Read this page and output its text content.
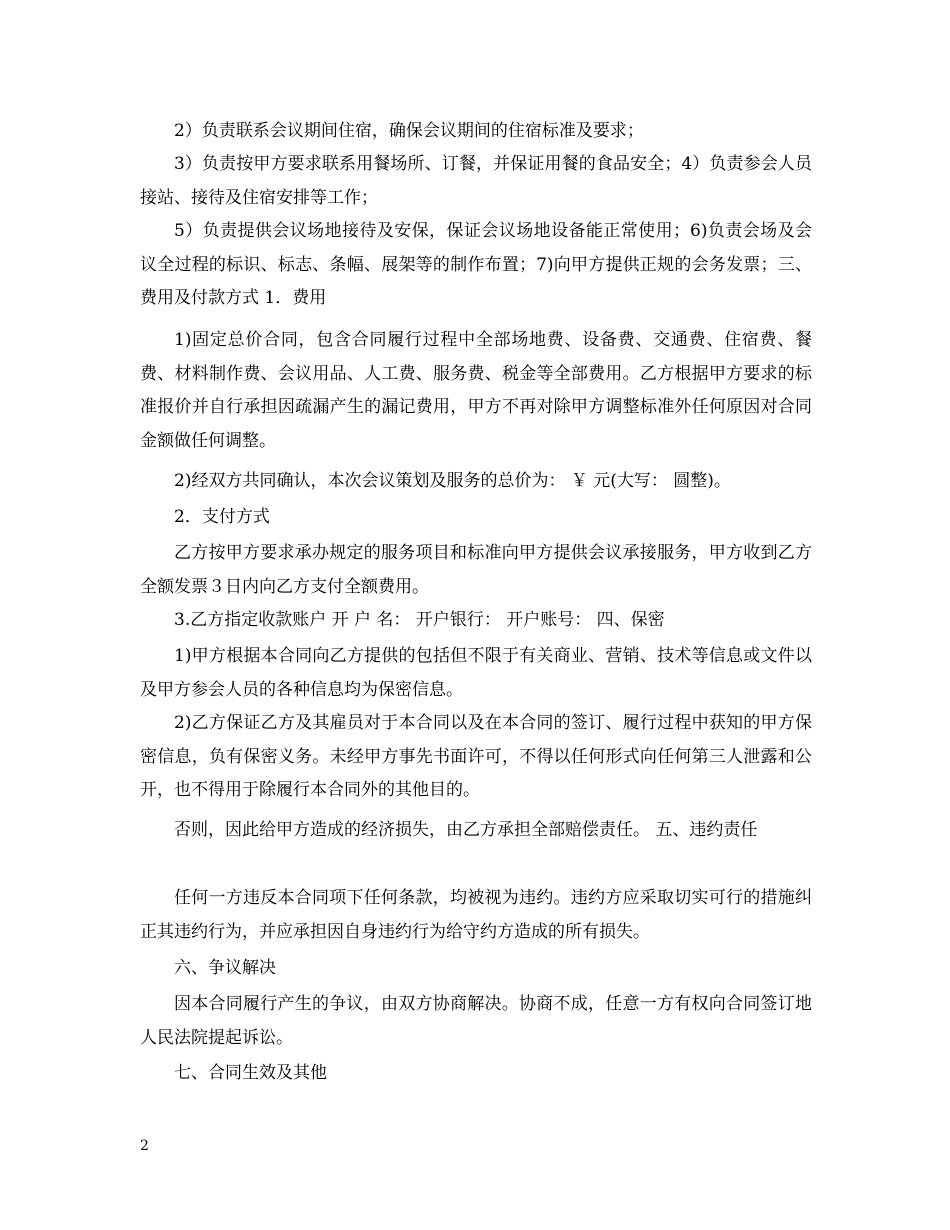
2）负责联系会议期间住宿，确保会议期间的住宿标准及要求；

3）负责按甲方要求联系用餐场所、订餐，并保证用餐的食品安全；4）负责参会人员接站、接待及住宿安排等工作；

5）负责提供会议场地接待及安保，保证会议场地设备能正常使用；6)负责会场及会议全过程的标识、标志、条幅、展架等的制作布置；7)向甲方提供正规的会务发票；三、费用及付款方式 1．费用

1)固定总价合同，包含合同履行过程中全部场地费、设备费、交通费、住宿费、餐费、材料制作费、会议用品、人工费、服务费、税金等全部费用。乙方根据甲方要求的标准报价并自行承担因疏漏产生的漏记费用，甲方不再对除甲方调整标准外任何原因对合同金额做任何调整。

2)经双方共同确认，本次会议策划及服务的总价为： ￥ 元(大写： 圆整)。

2．支付方式

乙方按甲方要求承办规定的服务项目和标准向甲方提供会议承接服务，甲方收到乙方全额发票３日内向乙方支付全额费用。

3.乙方指定收款账户 开 户 名： 开户银行： 开户账号： 四、保密

1)甲方根据本合同向乙方提供的包括但不限于有关商业、营销、技术等信息或文件以及甲方参会人员的各种信息均为保密信息。

2)乙方保证乙方及其雇员对于本合同以及在本合同的签订、履行过程中获知的甲方保密信息，负有保密义务。未经甲方事先书面许可，不得以任何形式向任何第三人泄露和公开，也不得用于除履行本合同外的其他目的。

否则，因此给甲方造成的经济损失，由乙方承担全部赔偿责任。 五、违约责任

任何一方违反本合同项下任何条款，均被视为违约。违约方应采取切实可行的措施纠正其违约行为，并应承担因自身违约行为给守约方造成的所有损失。

六、争议解决

因本合同履行产生的争议，由双方协商解决。协商不成，任意一方有权向合同签订地人民法院提起诉讼。

七、合同生效及其他

2
